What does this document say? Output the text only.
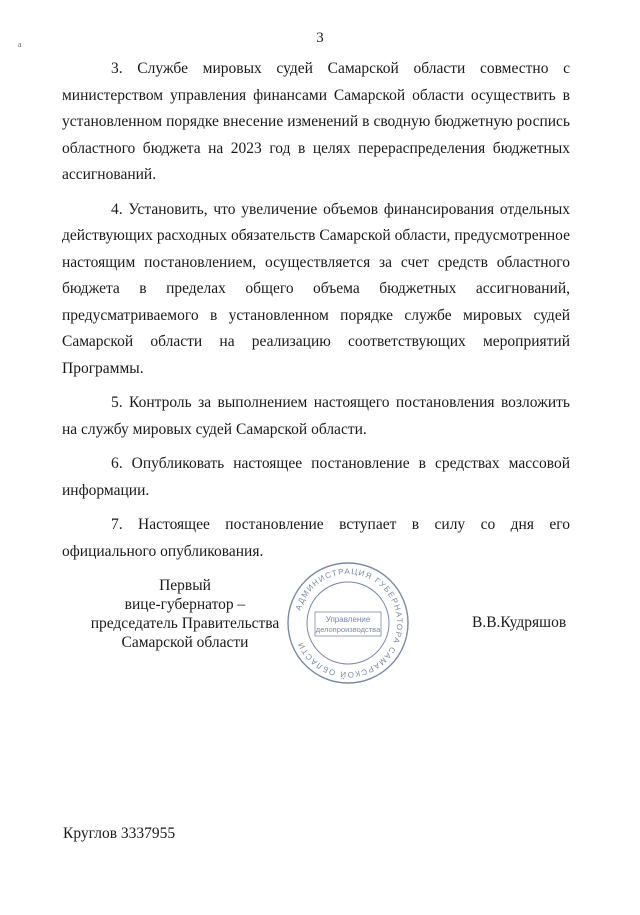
a	3

3. Службе мировых судей Самарской области совместно с министерством управления финансами Самарской области осуществить в установленном порядке внесение изменений в сводную бюджетную роспись областного бюджета на 2023 год в целях перераспределения бюджетных ассигнований.

4. Установить, что увеличение объемов финансирования отдельных действующих расходных обязательств Самарской области, предусмотренное настоящим постановлением, осуществляется за счет средств областного бюджета в пределах общего объема бюджетных ассигнований, предусматриваемого в установленном порядке службе мировых судей Самарской области на реализацию соответствующих мероприятий Программы.

5. Контроль за выполнением настоящего постановления возложить на службу мировых судей Самарской области.

6. Опубликовать настоящее постановление в средствах массовой информации.

7. Настоящее постановление вступает в силу со дня его официального опубликования.

Первый
вице-губернатор –
председатель Правительства
Самарской области
АДМИНИСТРАЦИЯ ГУБЕРНАТОРА САМАРСКОЙ ОБЛАСТИ
Управление
делопроизводства	В.В.Кудряшов
Круглов 3337955
